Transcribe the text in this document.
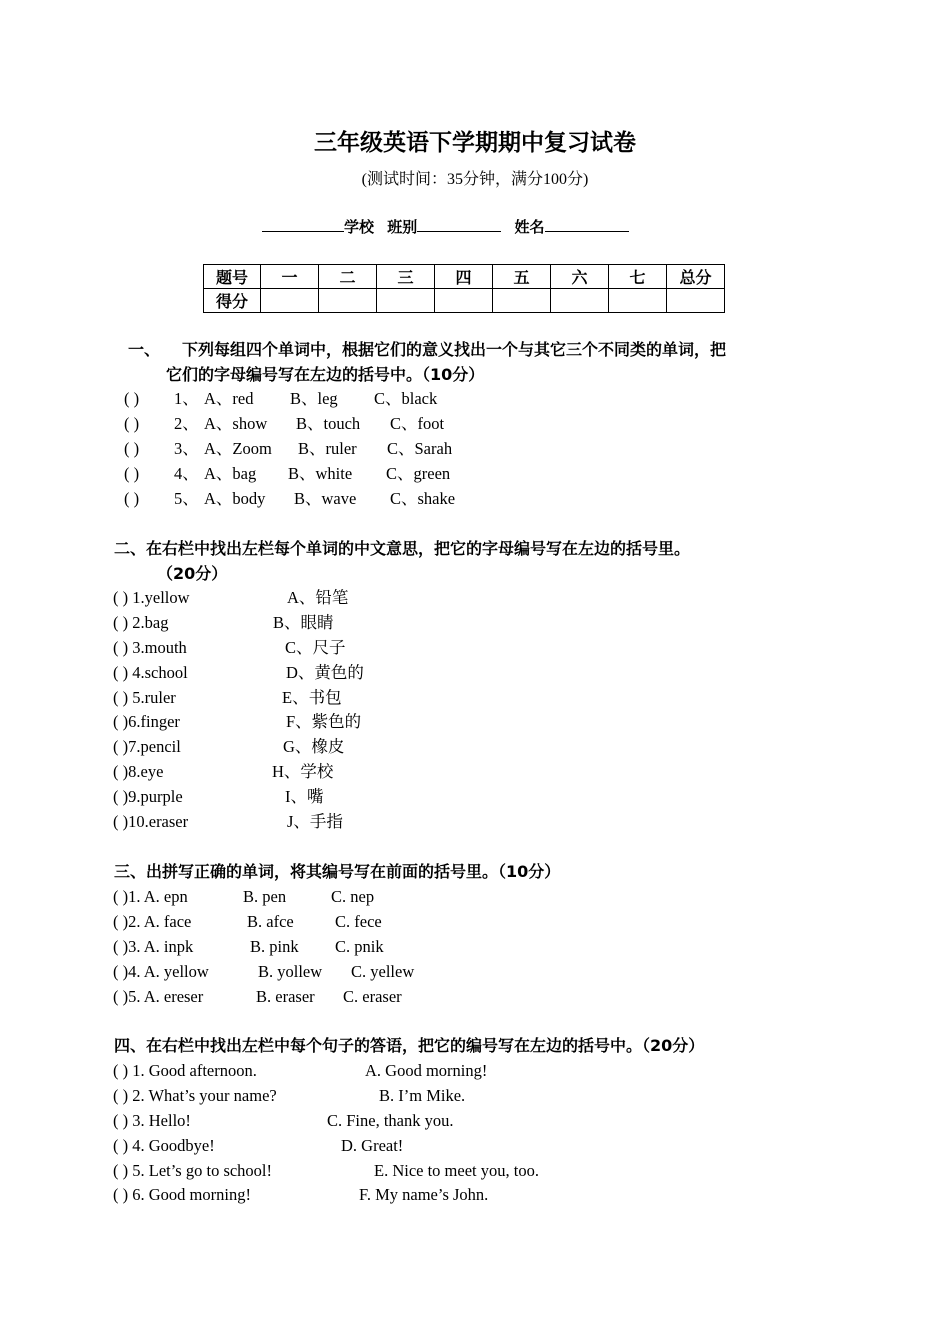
三年级英语下学期期中复习试卷
(测试时间：35分钟，满分100分)
学校 班别	姓名
题号	一	二	三	四	五	六	七	总分
得分								
一、 下列每组四个单词中，根据它们的意义找出一个与其它三个不同类的单词，把
它们的字母编号写在左边的括号中。（10分）
( ) 1、 A、red B、leg C、black
( ) 2、 A、show B、touch C、foot
( ) 3、 A、Zoom B、ruler C、Sarah
( ) 4、 A、bag B、white C、green
( ) 5、 A、body B、wave C、shake
二、在右栏中找出左栏每个单词的中文意思，把它的字母编号写在左边的括号里。
（20分）
( ) 1.yellow	A、铅笔
( ) 2.bag	B、眼睛
( ) 3.mouth	C、尺子
( ) 4.school	D、黄色的
( ) 5.ruler	E、书包
( )6.finger	F、紫色的
( )7.pencil	G、橡皮
( )8.eye	H、学校
( )9.purple	I、嘴
( )10.eraser	J、手指
三、出拼写正确的单词，将其编号写在前面的括号里。（10分）
( )1. A. epn	B. pen	C. nep
( )2. A. face	B. afce	C. fece
( )3. A. inpk	B. pink C. pnik
( )4. A. yellow	B. yollew C. yellew
( )5. A. ereser	B. eraser C. eraser
四、在右栏中找出左栏中每个句子的答语，把它的编号写在左边的括号中。（20分）
( ) 1. Good afternoon.	A. Good morning!
( ) 2. What’s your name?	B. I’m Mike.
( ) 3. Hello!	C. Fine, thank you.
( ) 4. Goodbye!	D. Great!
( ) 5. Let’s go to school!	E. Nice to meet you, too.
( ) 6. Good morning!	F. My name’s John.
